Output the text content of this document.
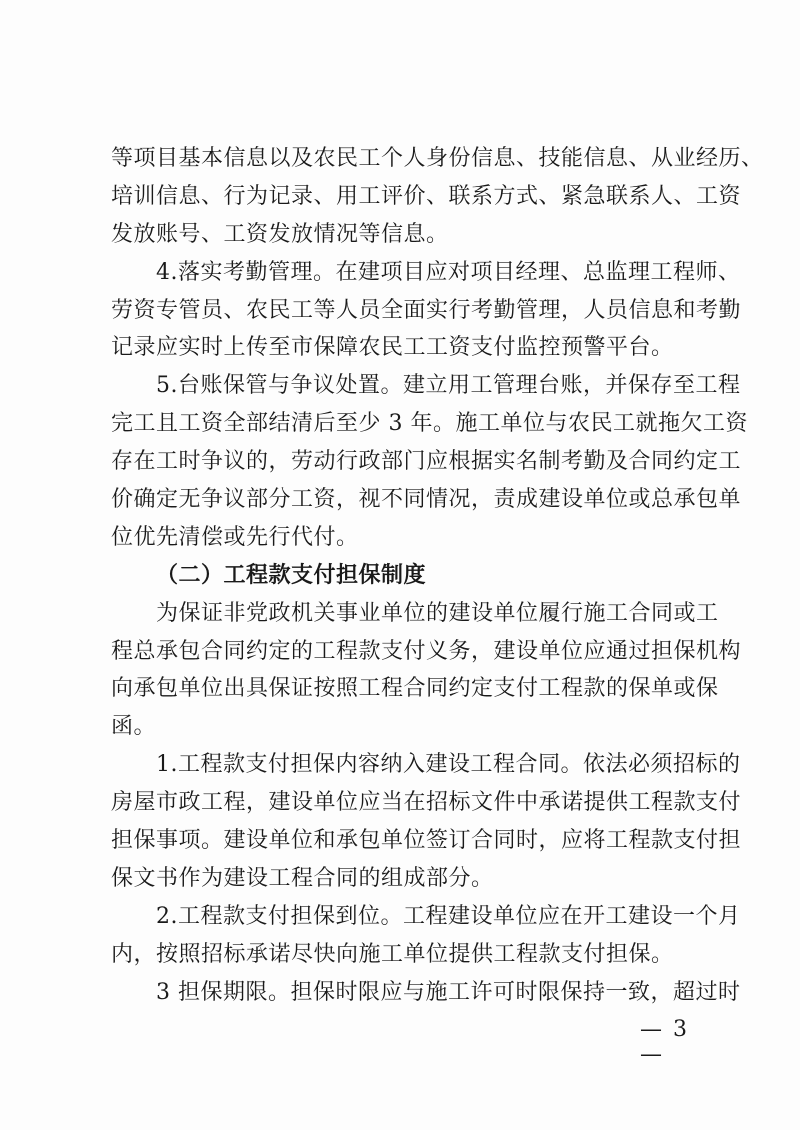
等项目基本信息以及农民工个人身份信息、技能信息、从业经历、
培训信息、行为记录、用工评价、联系方式、紧急联系人、工资
发放账号、工资发放情况等信息。
4.落实考勤管理。在建项目应对项目经理、总监理工程师、
劳资专管员、农民工等人员全面实行考勤管理，人员信息和考勤
记录应实时上传至市保障农民工工资支付监控预警平台。
5.台账保管与争议处置。建立用工管理台账，并保存至工程
完工且工资全部结清后至少 3 年。施工单位与农民工就拖欠工资
存在工时争议的，劳动行政部门应根据实名制考勤及合同约定工
价确定无争议部分工资，视不同情况，责成建设单位或总承包单
位优先清偿或先行代付。
（二）工程款支付担保制度
为保证非党政机关事业单位的建设单位履行施工合同或工
程总承包合同约定的工程款支付义务，建设单位应通过担保机构
向承包单位出具保证按照工程合同约定支付工程款的保单或保
函。
1.工程款支付担保内容纳入建设工程合同。依法必须招标的
房屋市政工程，建设单位应当在招标文件中承诺提供工程款支付
担保事项。建设单位和承包单位签订合同时，应将工程款支付担
保文书作为建设工程合同的组成部分。
2.工程款支付担保到位。工程建设单位应在开工建设一个月
内，按照招标承诺尽快向施工单位提供工程款支付担保。
3 担保期限。担保时限应与施工许可时限保持一致，超过时
— 3 —
